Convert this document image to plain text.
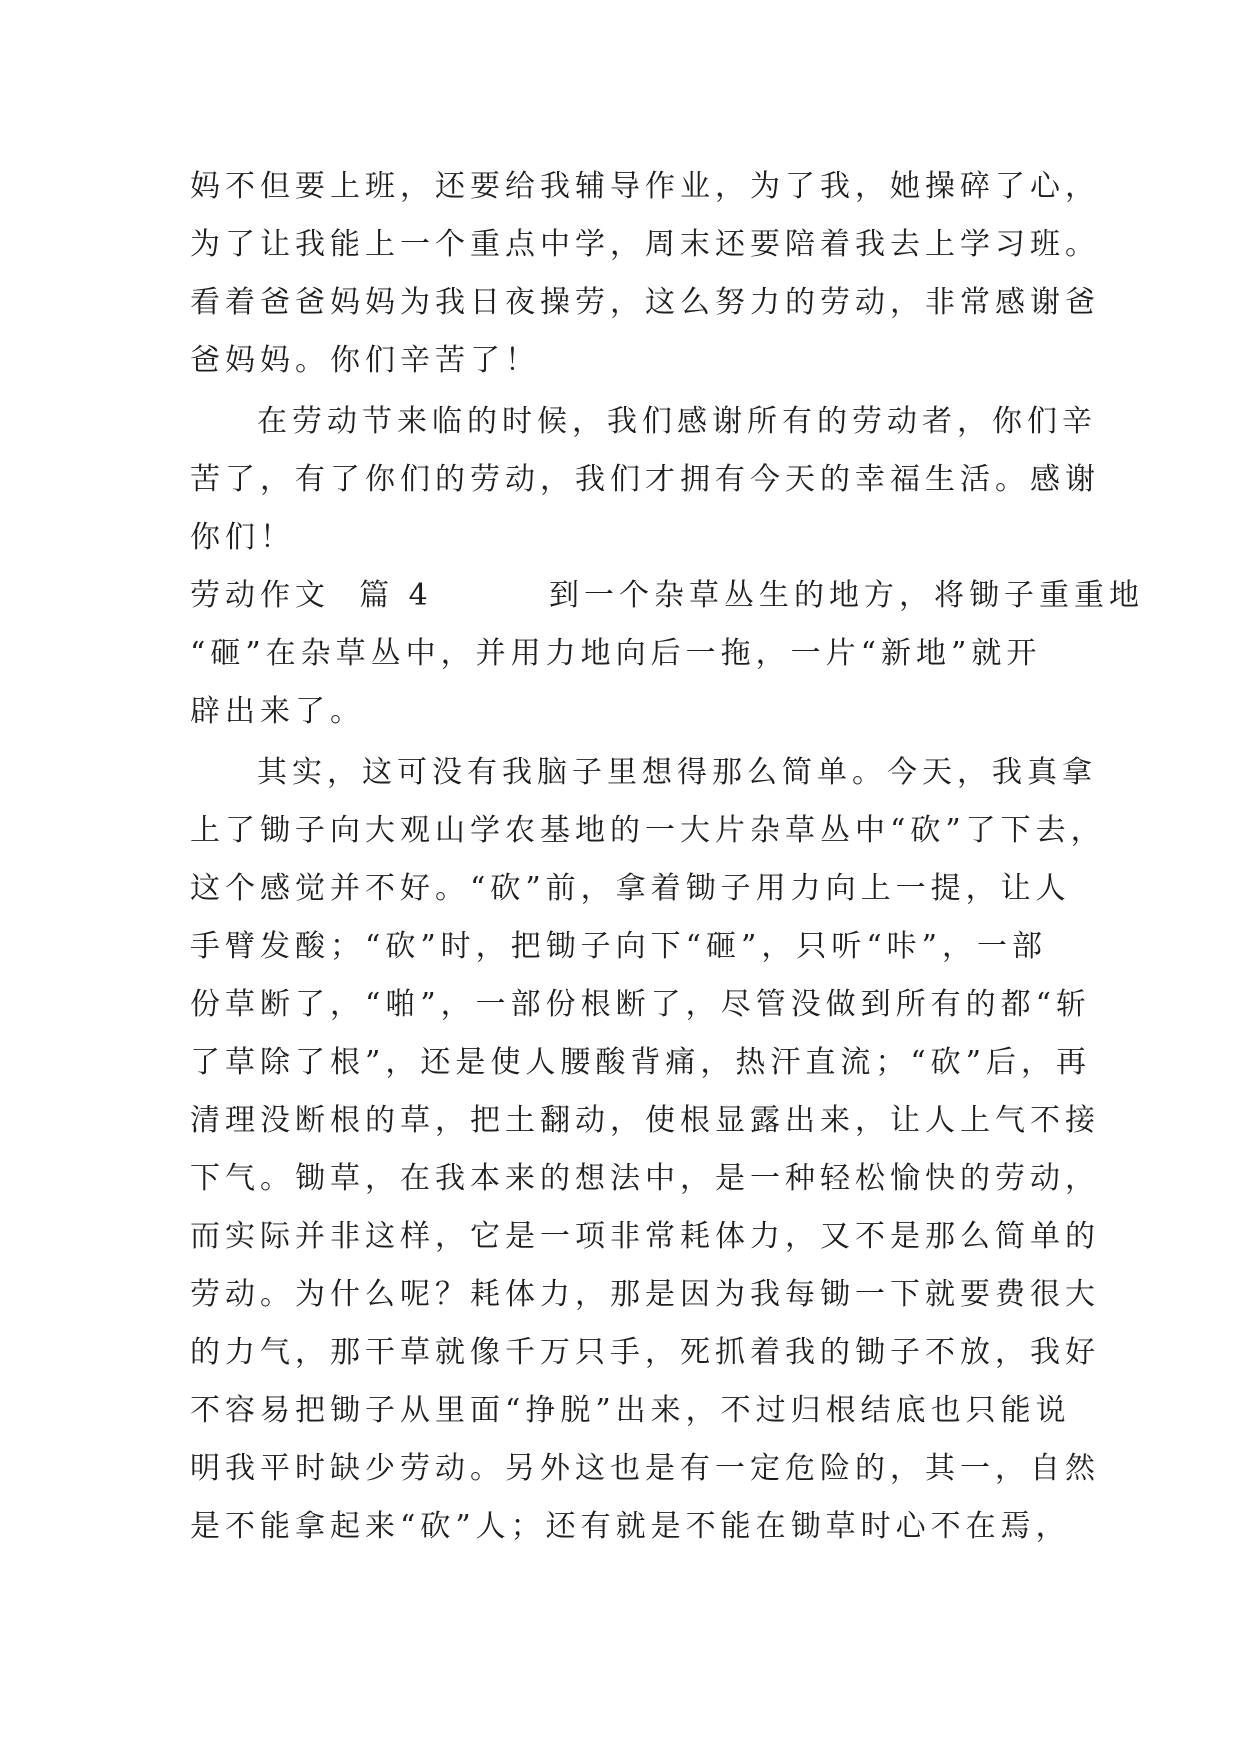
妈不但要上班，还要给我辅导作业，为了我，她操碎了心，
为了让我能上一个重点中学，周末还要陪着我去上学习班。
看着爸爸妈妈为我日夜操劳，这么努力的劳动，非常感谢爸
爸妈妈。你们辛苦了！
在劳动节来临的时候，我们感谢所有的劳动者，你们辛
苦了，有了你们的劳动，我们才拥有今天的幸福生活。感谢
你们！
劳动作文  篇 4        到一个杂草丛生的地方，将锄子重重地
“砸”在杂草丛中，并用力地向后一拖，一片“新地”就开
辟出来了。
其实，这可没有我脑子里想得那么简单。今天，我真拿
上了锄子向大观山学农基地的一大片杂草丛中“砍”了下去，
这个感觉并不好。“砍”前，拿着锄子用力向上一提，让人
手臂发酸；“砍”时，把锄子向下“砸”，只听“咔”，一部
份草断了，“啪”，一部份根断了，尽管没做到所有的都“斩
了草除了根”，还是使人腰酸背痛，热汗直流；“砍”后，再
清理没断根的草，把土翻动，使根显露出来，让人上气不接
下气。锄草，在我本来的想法中，是一种轻松愉快的劳动，
而实际并非这样，它是一项非常耗体力，又不是那么简单的
劳动。为什么呢？耗体力，那是因为我每锄一下就要费很大
的力气，那干草就像千万只手，死抓着我的锄子不放，我好
不容易把锄子从里面“挣脱”出来，不过归根结底也只能说
明我平时缺少劳动。另外这也是有一定危险的，其一，自然
是不能拿起来“砍”人；还有就是不能在锄草时心不在焉，
